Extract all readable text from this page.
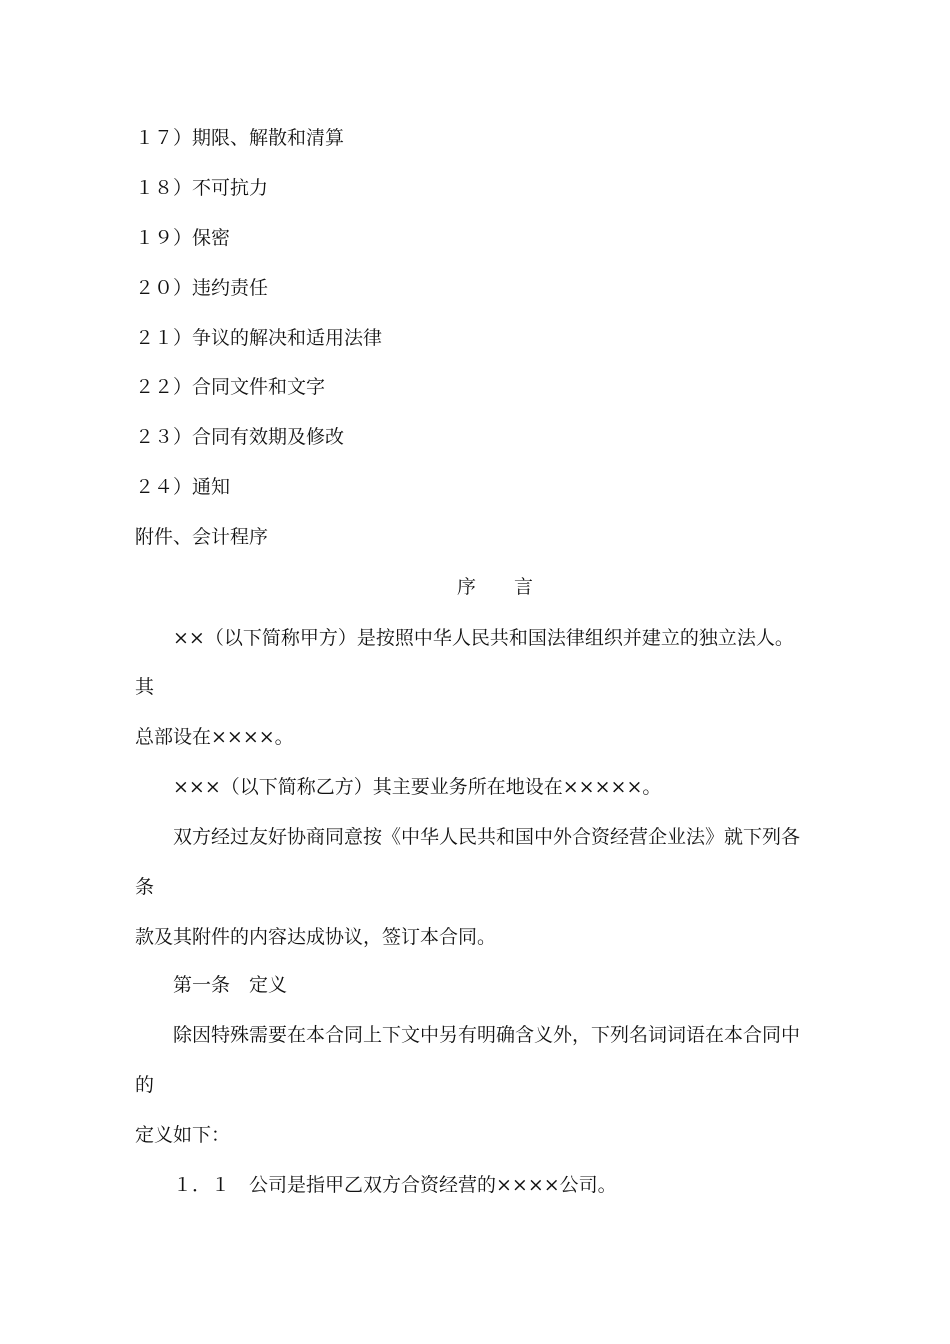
１７）期限、解散和清算
１８）不可抗力
１９）保密
２０）违约责任
２１）争议的解决和适用法律
２２）合同文件和文字
２３）合同有效期及修改
２４）通知
附件、会计程序
序　　言
××（以下简称甲方）是按照中华人民共和国法律组织并建立的独立法人。
其
总部设在××××。
×××（以下简称乙方）其主要业务所在地设在×××××。
双方经过友好协商同意按《中华人民共和国中外合资经营企业法》就下列各
条
款及其附件的内容达成协议，签订本合同。
第一条　定义
除因特殊需要在本合同上下文中另有明确含义外，下列名词词语在本合同中
的
定义如下：
１．１　公司是指甲乙双方合资经营的××××公司。
